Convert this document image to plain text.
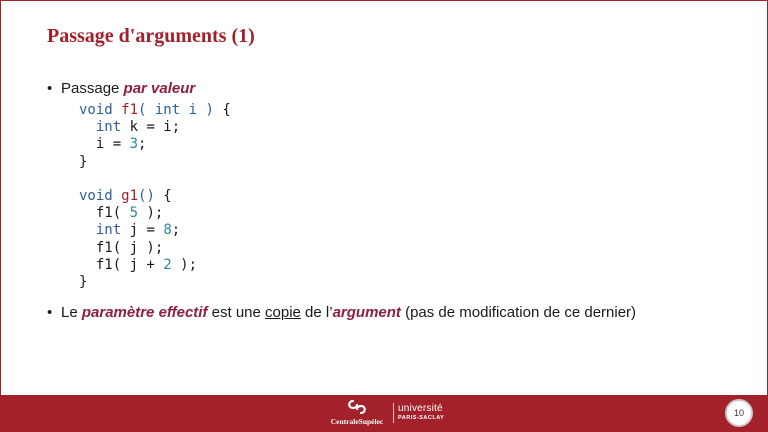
Passage d'arguments (1)
• Passage par valeur
void f1( int i ) {
int k = i;
i = 3;
}
void g1() {
f1( 5 );
int j = 8;
f1( j );
f1( j + 2 );
}
• Le paramètre effectif est une copie de l’argument (pas de modification de ce dernier)
CentraleSupélec
université
PARIS-SACLAY	10
